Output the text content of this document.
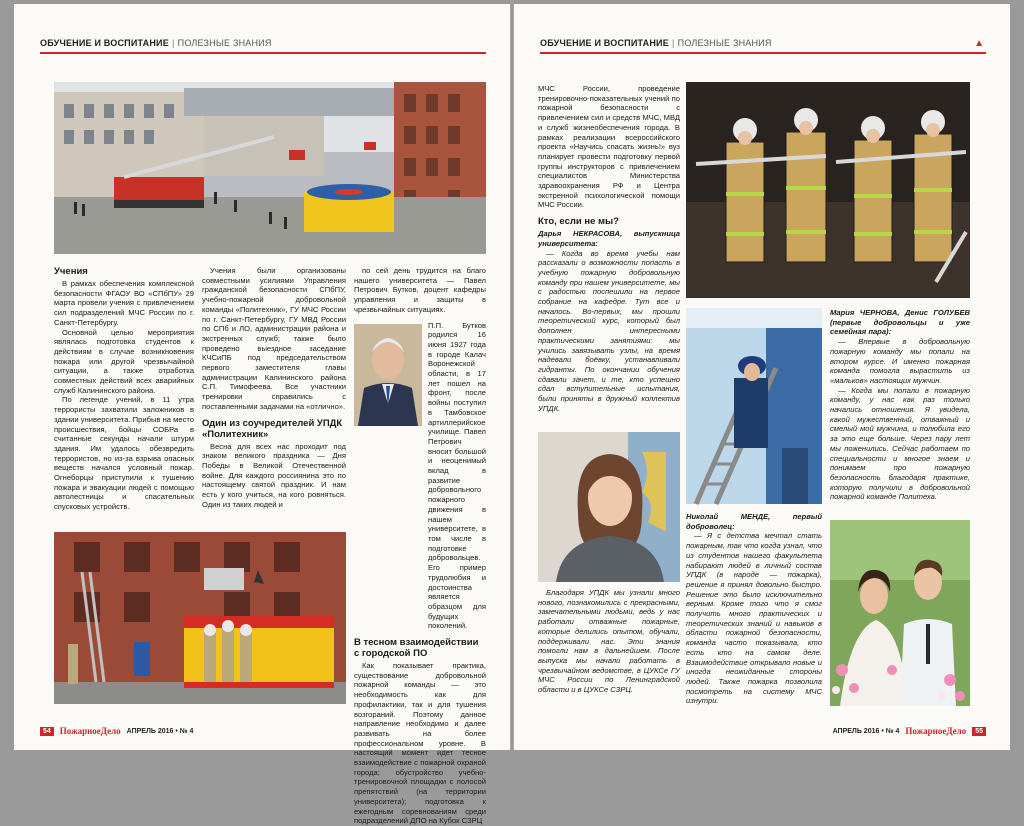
ОБУЧЕНИЕ И ВОСПИТАНИЕ | ПОЛЕЗНЫЕ ЗНАНИЯ
Учения

В рамках обеспечения комплексной безопасности ФГАОУ ВО «СПбПУ» 29 марта провели учения с привлечением сил подразделений МЧС России по г. Санкт-Петербургу.

Основной целью мероприятия являлась подготовка студентов к действиям в случае возникновения пожара или другой чрезвычайной ситуации, а также отработка совместных действий всех аварийных служб Калининского района.

По легенде учений, в 11 утра террористы захватили заложников в здании университета. Прибыв на место происшествия, бойцы СОБРа в считанные секунды начали штурм здания. Им удалось обезвредить террористов, но из-за взрыва опасных веществ начался условный пожар. Огнеборцы приступили к тушению пожара и эвакуации людей с помощью автолестницы и спасательных спусковых устройств.

Учения были организованы совместными усилиями Управления гражданской безопасности СПбПУ, учебно-пожарной добровольной команды «Политехник», ГУ МЧС России по г. Санкт-Петербургу, ГУ МВД России по СПб и ЛО, администрации района и экстренных служб; также было проведено выездное заседание КЧСиПБ под председательством первого заместителя главы администрации Калининского района С.П. Тимофеева. Все участники тренировки справились с поставленными задачами на «отлично».

Один из соучредителей УПДК «Политехник»

Весна для всех нас проходит под знаком великого праздника — Дня Победы в Великой Отечественной войне. Для каждого россиянина это по настоящему святой праздник. И нам есть у кого учиться, на кого ровняться. Один из таких людей и

по сей день трудится на благо нашего университета — Павел Петрович Бутков, доцент кафедры управления и защиты в чрезвычайных ситуациях.

П.П. Бутков родился 16 июня 1927 года в городе Калач Воронежской области, в 17 лет пошел на фронт, после войны поступил в Тамбовское артиллерийское училище. Павел Петрович вносит большой и неоценимый вклад в развитие добровольного пожарного движения в нашем университете, в том числе в подготовке добровольцев. Его пример трудолюбия и достоинства является образцом для будущих поколений.

В тесном взаимодействии с городской ПО

Как показывает практика, существование добровольной пожарной команды — это необходимость как для профилактики, так и для тушения возгораний. Поэтому данное направление необходимо и далее развивать на более профессиональном уровне. В настоящий момент идет тесное взаимодействие с пожарной охраной города; обустройство учебно-тренировочной площадки с полосой препятствий (на территории университета); подготовка к ежегодным соревнованиям среди подразделений ДПО на Кубок СЗРЦ

54	ПожарноеДело АПРЕЛЬ 2016 • № 4
ОБУЧЕНИЕ И ВОСПИТАНИЕ | ПОЛЕЗНЫЕ ЗНАНИЯ	▲

МЧС России, проведение тренировочно-показательных учений по пожарной безопасности с привлечением сил и средств МЧС, МВД и служб жизнеобеспечения города. В рамках реализации всероссийского проекта «Научись спасать жизнь!» вуз планирует провести подготовку первой группы инструкторов с привлечением специалистов Министерства здравоохранения РФ и Центра экстренной психологической помощи МЧС России.

Кто, если не мы?

Дарья НЕКРАСОВА, выпускница университета:

— Когда во время учебы нам рассказали о возможности попасть в учебную пожарную добровольную команду при нашем университете, мы с радостью поспешили на первое собрание на кафедре. Тут все и началось. Во-первых, мы прошли теоретический курс, который был дополнен интересными практическими занятиями: мы учились завязывать узлы, на время надевали боёвку, устанавливали гидранты. По окончании обучения сдавали зачет, и те, кто успешно сдал вступительные испытания, были приняты в дружный коллектив УПДК.

Благодаря УПДК мы узнали много нового, познакомились с прекрасными, замечательными людьми, ведь у нас работали отважные пожарные, которые делились опытом, обучали, поддерживали нас. Эти знания помогли нам в дальнейшем. После выпуска мы начали работать в чрезвычайном ведомстве, в ЦУКСе ГУ МЧС России по Ленинградской области и в ЦУКСе СЗРЦ.

Николай МЕНДЕ, первый доброволец:

— Я с детства мечтал стать пожарным, так что когда узнал, что из студентов нашего факультета набирают людей в личный состав УПДК (в народе — пожарка), решение я принял довольно быстро. Решение это было исключительно верным. Кроме того что я смог получить много практических и теоретических знаний и навыков в области пожарной безопасности, команда часто показывала, кто есть кто на самом деле. Взаимодействие открывало новые и иногда неожиданные стороны людей. Также пожарка позволила посмотреть на систему МЧС изнутри.

Мария ЧЕРНОВА, Денис ГОЛУБЕВ (первые добровольцы и уже семейная пара):

— Впервые в добровольную пожарную команду мы попали на втором курсе. И именно пожарная команда помогла вырастить из «мальков» настоящих мужчин.

— Когда мы попали в пожарную команду, у нас как раз только начались отношения. Я увидела, какой мужественный, отважный и смелый мой мужчина, и полюбила его за это еще больше. Через пару лет мы поженились. Сейчас работаем по специальности и многое знаем и понимаем про пожарную безопасность благодаря практике, которую получили в добровольной пожарной команде Политеха.

АПРЕЛЬ 2016 • № 4 ПожарноеДело	55
